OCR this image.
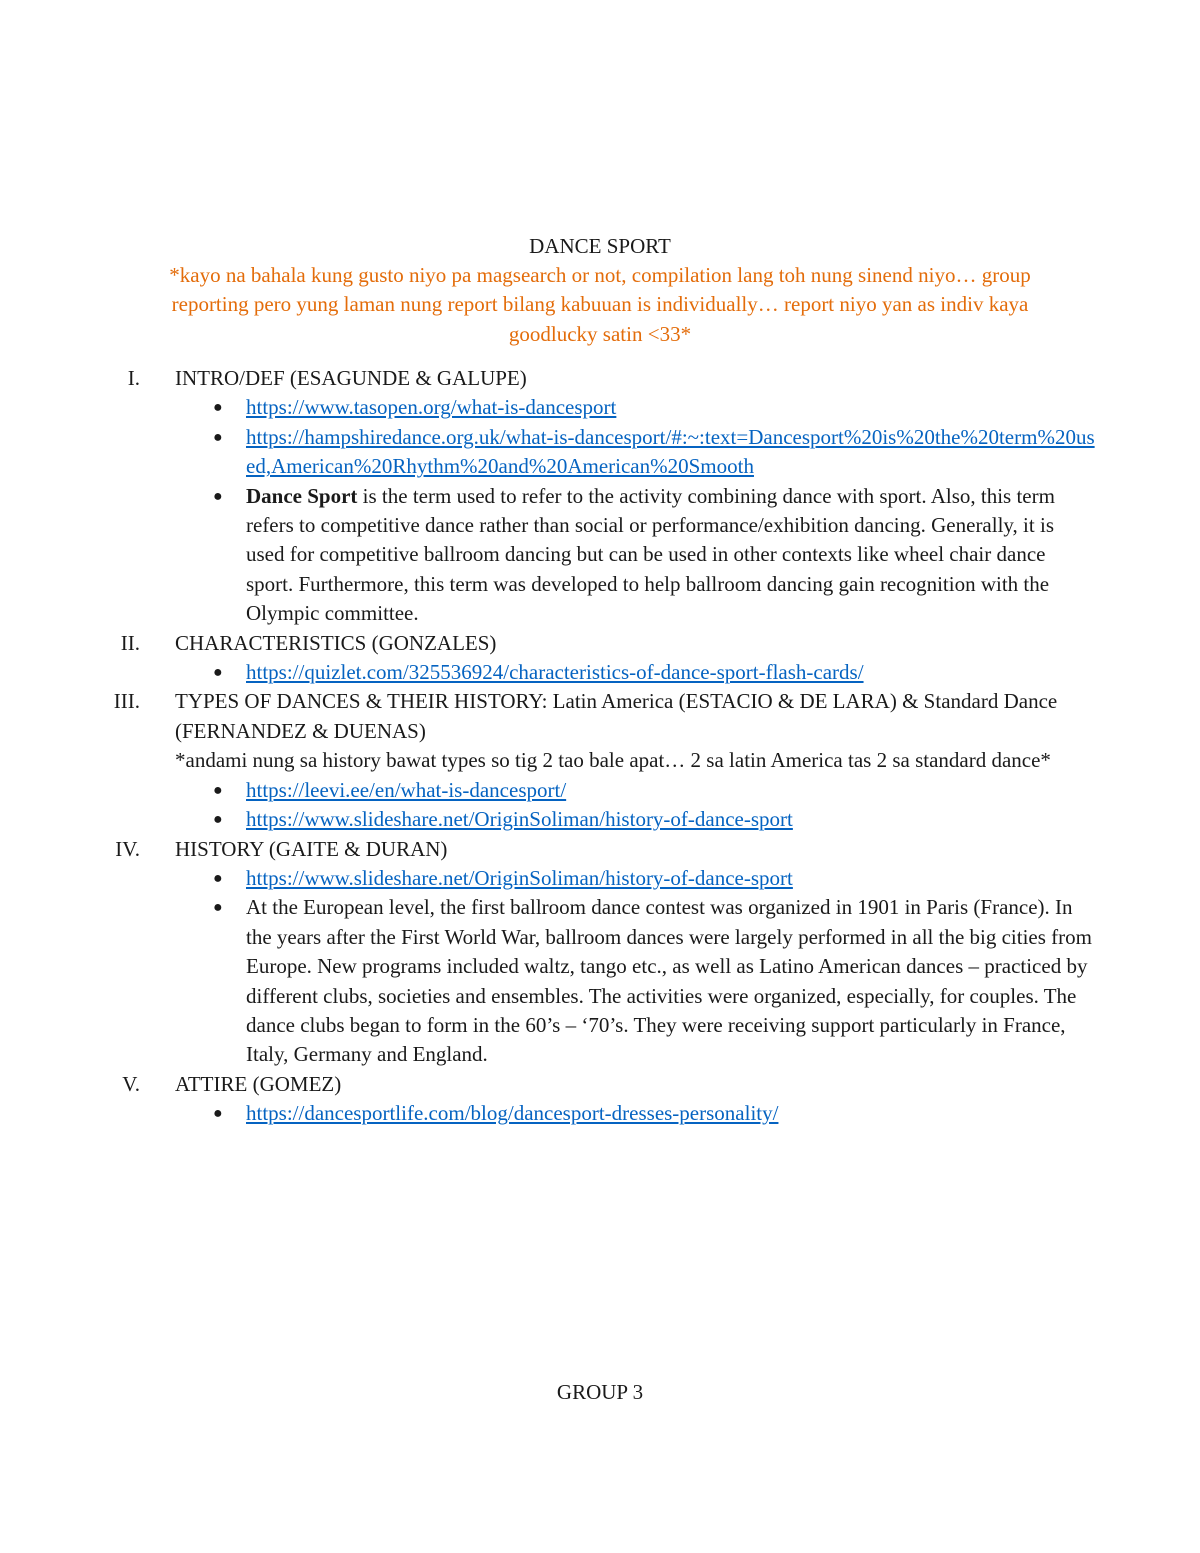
DANCE SPORT
*kayo na bahala kung gusto niyo pa magsearch or not, compilation lang toh nung sinend niyo… group reporting pero yung laman nung report bilang kabuuan is individually… report niyo yan as indiv kaya goodlucky satin <33*
I. INTRO/DEF (ESAGUNDE & GALUPE)
● https://www.tasopen.org/what-is-dancesport
● https://hampshiredance.org.uk/what-is-dancesport/#:~:text=Dancesport%20is%20the%20term%20used,American%20Rhythm%20and%20American%20Smooth
● Dance Sport is the term used to refer to the activity combining dance with sport. Also, this term refers to competitive dance rather than social or performance/exhibition dancing. Generally, it is used for competitive ballroom dancing but can be used in other contexts like wheel chair dance sport. Furthermore, this term was developed to help ballroom dancing gain recognition with the Olympic committee.
II. CHARACTERISTICS (GONZALES)
● https://quizlet.com/325536924/characteristics-of-dance-sport-flash-cards/
III. TYPES OF DANCES & THEIR HISTORY: Latin America (ESTACIO & DE LARA) & Standard Dance (FERNANDEZ & DUENAS)
*andami nung sa history bawat types so tig 2 tao bale apat… 2 sa latin America tas 2 sa standard dance*
● https://leevi.ee/en/what-is-dancesport/
● https://www.slideshare.net/OriginSoliman/history-of-dance-sport
IV. HISTORY (GAITE & DURAN)
● https://www.slideshare.net/OriginSoliman/history-of-dance-sport
● At the European level, the first ballroom dance contest was organized in 1901 in Paris (France). In the years after the First World War, ballroom dances were largely performed in all the big cities from Europe. New programs included waltz, tango etc., as well as Latino American dances – practiced by different clubs, societies and ensembles. The activities were organized, especially, for couples. The dance clubs began to form in the 60’s – ‘70’s. They were receiving support particularly in France, Italy, Germany and England.
V. ATTIRE (GOMEZ)
● https://dancesportlife.com/blog/dancesport-dresses-personality/
GROUP 3
